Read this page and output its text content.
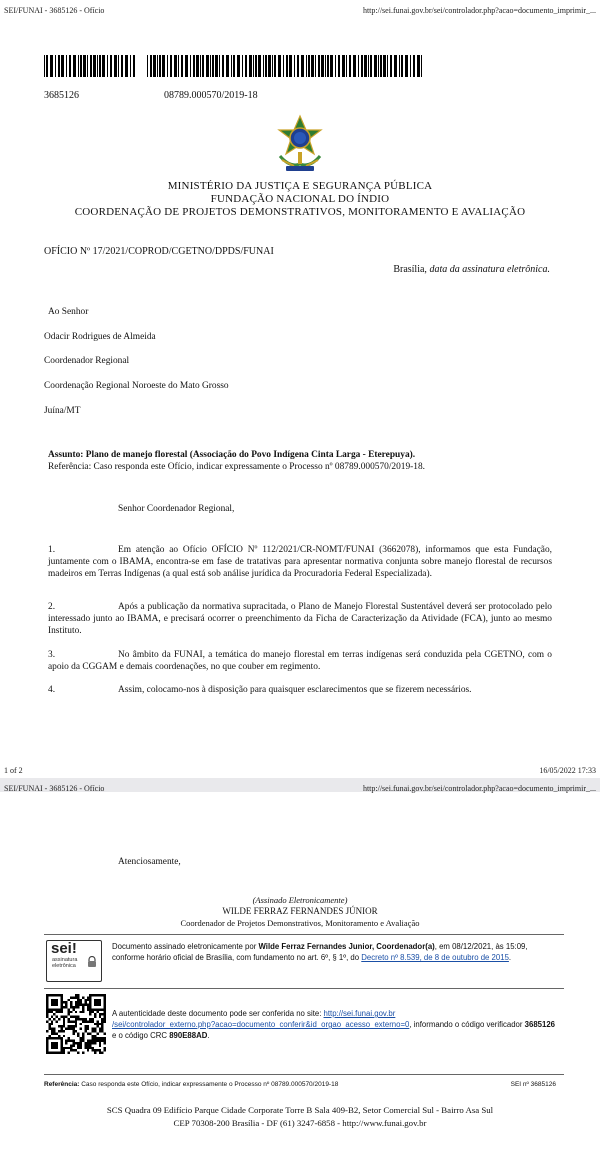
SEI/FUNAI - 3685126 - Ofício	http://sei.funai.gov.br/sei/controlador.php?acao=documento_imprimir_...
3685126	08789.000570/2019-18
MINISTÉRIO DA JUSTIÇA E SEGURANÇA PÚBLICA
FUNDAÇÃO NACIONAL DO ÍNDIO
COORDENAÇÃO DE PROJETOS DEMONSTRATIVOS, MONITORAMENTO E AVALIAÇÃO
OFÍCIO Nº 17/2021/COPROD/CGETNO/DPDS/FUNAI
Brasília, data da assinatura eletrônica.
Ao Senhor
Odacir Rodrigues de Almeida
Coordenador Regional
Coordenação Regional Noroeste do Mato Grosso
Juína/MT
Assunto: Plano de manejo florestal (Associação do Povo Indígena Cinta Larga - Eterepuya).
Referência: Caso responda este Ofício, indicar expressamente o Processo nº 08789.000570/2019-18.
Senhor Coordenador Regional,
1.	Em atenção ao Ofício OFÍCIO Nº 112/2021/CR-NOMT/FUNAI (3662078), informamos que esta Fundação, juntamente com o IBAMA, encontra-se em fase de tratativas para apresentar normativa conjunta sobre manejo florestal de recursos madeiros em Terras Indígenas (a qual está sob análise jurídica da Procuradoria Federal Especializada).
2.	Após a publicação da normativa supracitada, o Plano de Manejo Florestal Sustentável deverá ser protocolado pelo interessado junto ao IBAMA, e precisará ocorrer o preenchimento da Ficha de Caracterização da Atividade (FCA), junto ao mesmo Instituto.
3.	No âmbito da FUNAI, a temática do manejo florestal em terras indígenas será conduzida pela CGETNO, com o apoio da CGGAM e demais coordenações, no que couber em regimento.
4.	Assim, colocamo-nos à disposição para quaisquer esclarecimentos que se fizerem necessários.
1 of 2	16/05/2022 17:33
SEI/FUNAI - 3685126 - Ofício	http://sei.funai.gov.br/sei/controlador.php?acao=documento_imprimir_...
Atenciosamente,
(Assinado Eletronicamente)
WILDE FERRAZ FERNANDES JÚNIOR
Coordenador de Projetos Demonstrativos, Monitoramento e Avaliação
sei!
assinatura
eletrônica
Documento assinado eletronicamente por Wilde Ferraz Fernandes Junior, Coordenador(a), em 08/12/2021, às 15:09, conforme horário oficial de Brasília, com fundamento no art. 6º, § 1º, do Decreto nº 8.539, de 8 de outubro de 2015.
A autenticidade deste documento pode ser conferida no site: http://sei.funai.gov.br
/sei/controlador_externo.php?acao=documento_conferir&id_orgao_acesso_externo=0, informando o código verificador 3685126 e o código CRC 890E88AD.
Referência: Caso responda este Ofício, indicar expressamente o Processo nº 08789.000570/2019-18	SEI nº 3685126
SCS Quadra 09 Edifício Parque Cidade Corporate Torre B Sala 409-B2, Setor Comercial Sul - Bairro Asa Sul
CEP 70308-200 Brasília - DF (61) 3247-6858 - http://www.funai.gov.br
